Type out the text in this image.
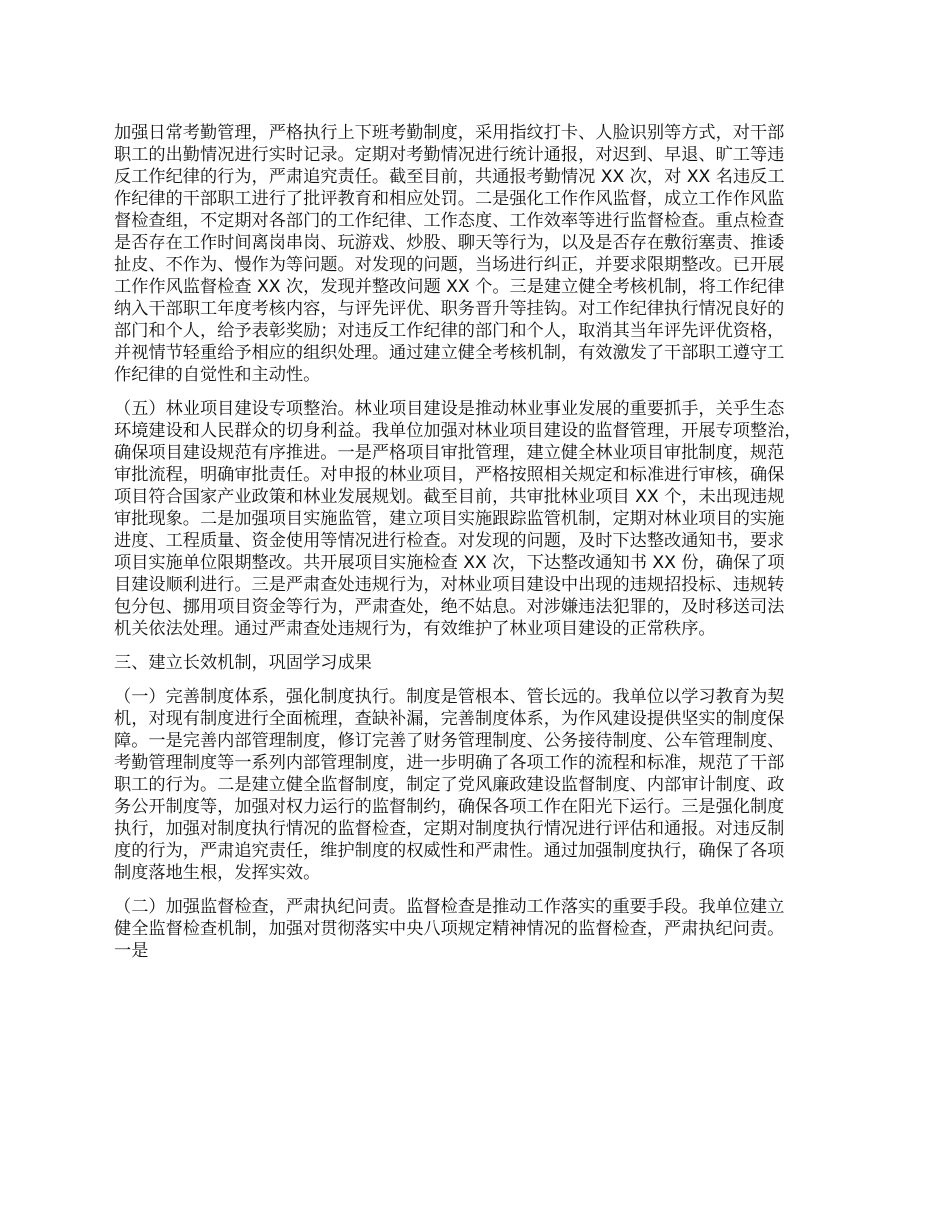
加强日常考勤管理，严格执行上下班考勤制度，采用指纹打卡、人脸识别等方式，对干部
职工的出勤情况进行实时记录。定期对考勤情况进行统计通报，对迟到、早退、旷工等违
反工作纪律的行为，严肃追究责任。截至目前，共通报考勤情况 XX 次，对 XX 名违反工
作纪律的干部职工进行了批评教育和相应处罚。二是强化工作作风监督，成立工作作风监
督检查组，不定期对各部门的工作纪律、工作态度、工作效率等进行监督检查。重点检查
是否存在工作时间离岗串岗、玩游戏、炒股、聊天等行为，以及是否存在敷衍塞责、推诿
扯皮、不作为、慢作为等问题。对发现的问题，当场进行纠正，并要求限期整改。已开展
工作作风监督检查 XX 次，发现并整改问题 XX 个。三是建立健全考核机制，将工作纪律
纳入干部职工年度考核内容，与评先评优、职务晋升等挂钩。对工作纪律执行情况良好的
部门和个人，给予表彰奖励；对违反工作纪律的部门和个人，取消其当年评先评优资格，
并视情节轻重给予相应的组织处理。通过建立健全考核机制，有效激发了干部职工遵守工
作纪律的自觉性和主动性。

（五）林业项目建设专项整治。林业项目建设是推动林业事业发展的重要抓手，关乎生态
环境建设和人民群众的切身利益。我单位加强对林业项目建设的监督管理，开展专项整治，
确保项目建设规范有序推进。一是严格项目审批管理，建立健全林业项目审批制度，规范
审批流程，明确审批责任。对申报的林业项目，严格按照相关规定和标准进行审核，确保
项目符合国家产业政策和林业发展规划。截至目前，共审批林业项目 XX 个，未出现违规
审批现象。二是加强项目实施监管，建立项目实施跟踪监管机制，定期对林业项目的实施
进度、工程质量、资金使用等情况进行检查。对发现的问题，及时下达整改通知书，要求
项目实施单位限期整改。共开展项目实施检查 XX 次，下达整改通知书 XX 份，确保了项
目建设顺利进行。三是严肃查处违规行为，对林业项目建设中出现的违规招投标、违规转
包分包、挪用项目资金等行为，严肃查处，绝不姑息。对涉嫌违法犯罪的，及时移送司法
机关依法处理。通过严肃查处违规行为，有效维护了林业项目建设的正常秩序。

三、建立长效机制，巩固学习成果

（一）完善制度体系，强化制度执行。制度是管根本、管长远的。我单位以学习教育为契
机，对现有制度进行全面梳理，查缺补漏，完善制度体系，为作风建设提供坚实的制度保
障。一是完善内部管理制度，修订完善了财务管理制度、公务接待制度、公车管理制度、
考勤管理制度等一系列内部管理制度，进一步明确了各项工作的流程和标准，规范了干部
职工的行为。二是建立健全监督制度，制定了党风廉政建设监督制度、内部审计制度、政
务公开制度等，加强对权力运行的监督制约，确保各项工作在阳光下运行。三是强化制度
执行，加强对制度执行情况的监督检查，定期对制度执行情况进行评估和通报。对违反制
度的行为，严肃追究责任，维护制度的权威性和严肃性。通过加强制度执行，确保了各项
制度落地生根，发挥实效。

（二）加强监督检查，严肃执纪问责。监督检查是推动工作落实的重要手段。我单位建立
健全监督检查机制，加强对贯彻落实中央八项规定精神情况的监督检查，严肃执纪问责。
一是
